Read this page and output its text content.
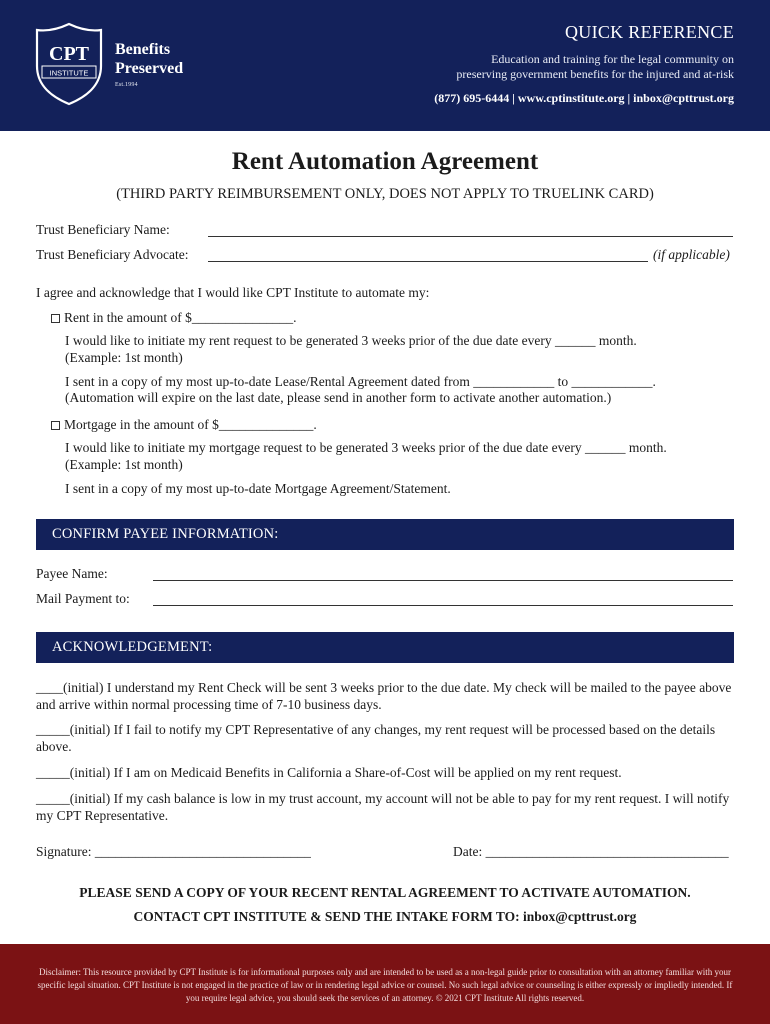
CPT
INSTITUTE
Benefits
Preserved
Est.1994
QUICK REFERENCE
Education and training for the legal community on
preserving government benefits for the injured and at-risk
(877) 695-6444 | www.cptinstitute.org | inbox@cpttrust.org
Rent Automation Agreement
(THIRD PARTY REIMBURSEMENT ONLY, DOES NOT APPLY TO TRUELINK CARD)
Trust Beneficiary Name:
Trust Beneficiary Advocate:	(if applicable)
I agree and acknowledge that I would like CPT Institute to automate my:
Rent in the amount of $_______________.
I would like to initiate my rent request to be generated 3 weeks prior of the due date every ______ month.
(Example: 1st month)
I sent in a copy of my most up-to-date Lease/Rental Agreement dated from ____________ to ____________.
(Automation will expire on the last date, please send in another form to activate another automation.)
Mortgage in the amount of $______________.
I would like to initiate my mortgage request to be generated 3 weeks prior of the due date every ______ month.
(Example: 1st month)
I sent in a copy of my most up-to-date Mortgage Agreement/Statement.
CONFIRM PAYEE INFORMATION:
Payee Name:
Mail Payment to:
ACKNOWLEDGEMENT:
____(initial) I understand my Rent Check will be sent 3 weeks prior to the due date. My check will be mailed to the payee above and arrive within normal processing time of 7-10 business days.
_____(initial) If I fail to notify my CPT Representative of any changes, my rent request will be processed based on the details above.
_____(initial) If I am on Medicaid Benefits in California a Share-of-Cost will be applied on my rent request.
_____(initial) If my cash balance is low in my trust account, my account will not be able to pay for my rent request. I will notify my CPT Representative.
Signature: ________________________________	Date: ____________________________________
PLEASE SEND A COPY OF YOUR RECENT RENTAL AGREEMENT TO ACTIVATE AUTOMATION.
CONTACT CPT INSTITUTE & SEND THE INTAKE FORM TO: inbox@cpttrust.org
Disclaimer: This resource provided by CPT Institute is for informational purposes only and are intended to be used as a non-legal guide prior to consultation with an attorney familiar with your specific legal situation. CPT Institute is not engaged in the practice of law or in rendering legal advice or counsel. No such legal advice or counseling is either expressly or impliedly intended. If you require legal advice, you should seek the services of an attorney. © 2021 CPT Institute All rights reserved.
